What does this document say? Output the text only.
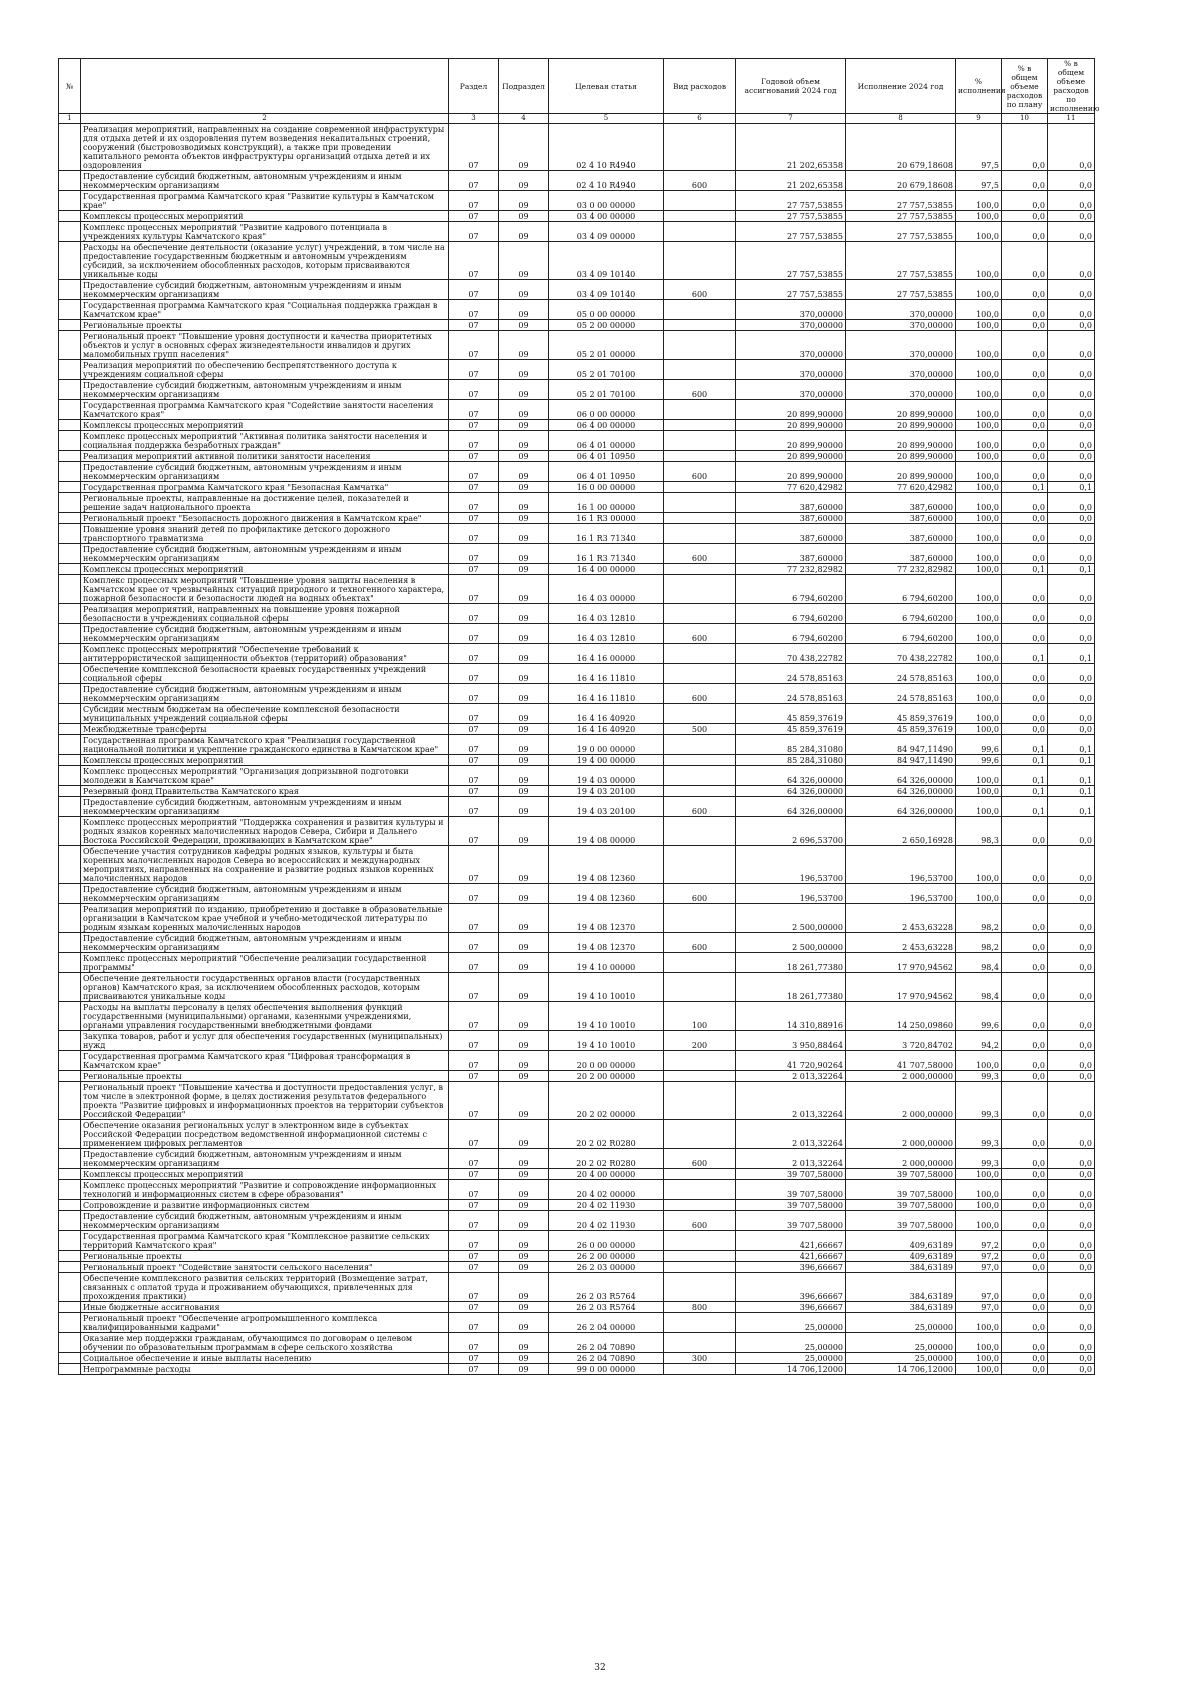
№		Раздел	Подраздел	Целевая статья	Вид расходов	Годовой объем ассигнований 2024 год	Исполнение 2024 год	% исполнения	% в общем объеме расходов по плану	% в общем объеме расходов по исполнению
1	2	3	4	5	6	7	8	9	10	11
	Реализация мероприятий, направленных на создание современной инфраструктуры для отдыха детей и их оздоровления путем возведения некапитальных строений, сооружений (быстровозводимых конструкций), а также при проведении капитального ремонта объектов инфраструктуры организаций отдыха детей и их оздоровления	07	09	02 4 10 R4940		21 202,65358	20 679,18608	97,5	0,0	0,0
	Предоставление субсидий бюджетным, автономным учреждениям и иным некоммерческим организациям	07	09	02 4 10 R4940	600	21 202,65358	20 679,18608	97,5	0,0	0,0
	Государственная программа Камчатского края "Развитие культуры в Камчатском крае"	07	09	03 0 00 00000		27 757,53855	27 757,53855	100,0	0,0	0,0
	Комплексы процессных мероприятий	07	09	03 4 00 00000		27 757,53855	27 757,53855	100,0	0,0	0,0
	Комплекс процессных мероприятий "Развитие кадрового потенциала в учреждениях культуры Камчатского края"	07	09	03 4 09 00000		27 757,53855	27 757,53855	100,0	0,0	0,0
	Расходы на обеспечение деятельности (оказание услуг) учреждений, в том числе на предоставление государственным бюджетным и автономным учреждениям субсидий, за исключением обособленных расходов, которым присваиваются уникальные коды	07	09	03 4 09 10140		27 757,53855	27 757,53855	100,0	0,0	0,0
	Предоставление субсидий бюджетным, автономным учреждениям и иным некоммерческим организациям	07	09	03 4 09 10140	600	27 757,53855	27 757,53855	100,0	0,0	0,0
	Государственная программа Камчатского края "Социальная поддержка граждан в Камчатском крае"	07	09	05 0 00 00000		370,00000	370,00000	100,0	0,0	0,0
	Региональные проекты	07	09	05 2 00 00000		370,00000	370,00000	100,0	0,0	0,0
	Региональный проект "Повышение уровня доступности и качества приоритетных объектов и услуг в основных сферах жизнедеятельности инвалидов и других маломобильных групп населения"	07	09	05 2 01 00000		370,00000	370,00000	100,0	0,0	0,0
	Реализация мероприятий по обеспечению беспрепятственного доступа к учреждениям социальной сферы	07	09	05 2 01 70100		370,00000	370,00000	100,0	0,0	0,0
	Предоставление субсидий бюджетным, автономным учреждениям и иным некоммерческим организациям	07	09	05 2 01 70100	600	370,00000	370,00000	100,0	0,0	0,0
	Государственная программа Камчатского края "Содействие занятости населения Камчатского края"	07	09	06 0 00 00000		20 899,90000	20 899,90000	100,0	0,0	0,0
	Комплексы процессных мероприятий	07	09	06 4 00 00000		20 899,90000	20 899,90000	100,0	0,0	0,0
	Комплекс процессных мероприятий "Активная политика занятости населения и социальная поддержка безработных граждан"	07	09	06 4 01 00000		20 899,90000	20 899,90000	100,0	0,0	0,0
	Реализация мероприятий активной политики занятости населения	07	09	06 4 01 10950		20 899,90000	20 899,90000	100,0	0,0	0,0
	Предоставление субсидий бюджетным, автономным учреждениям и иным некоммерческим организациям	07	09	06 4 01 10950	600	20 899,90000	20 899,90000	100,0	0,0	0,0
	Государственная программа Камчатского края "Безопасная Камчатка"	07	09	16 0 00 00000		77 620,42982	77 620,42982	100,0	0,1	0,1
	Региональные проекты, направленные на достижение целей, показателей и решение задач национального проекта	07	09	16 1 00 00000		387,60000	387,60000	100,0	0,0	0,0
	Региональный проект "Безопасность дорожного движения в Камчатском крае"	07	09	16 1 R3 00000		387,60000	387,60000	100,0	0,0	0,0
	Повышение уровня знаний детей по профилактике детского дорожного транспортного травматизма	07	09	16 1 R3 71340		387,60000	387,60000	100,0	0,0	0,0
	Предоставление субсидий бюджетным, автономным учреждениям и иным некоммерческим организациям	07	09	16 1 R3 71340	600	387,60000	387,60000	100,0	0,0	0,0
	Комплексы процессных мероприятий	07	09	16 4 00 00000		77 232,82982	77 232,82982	100,0	0,1	0,1
	Комплекс процессных мероприятий "Повышение уровня защиты населения в Камчатском крае от чрезвычайных ситуаций природного и техногенного характера, пожарной безопасности и безопасности людей на водных объектах"	07	09	16 4 03 00000		6 794,60200	6 794,60200	100,0	0,0	0,0
	Реализация мероприятий, направленных на повышение уровня пожарной безопасности в учреждениях социальной сферы	07	09	16 4 03 12810		6 794,60200	6 794,60200	100,0	0,0	0,0
	Предоставление субсидий бюджетным, автономным учреждениям и иным некоммерческим организациям	07	09	16 4 03 12810	600	6 794,60200	6 794,60200	100,0	0,0	0,0
	Комплекс процессных мероприятий "Обеспечение требований к антитеррористической защищенности объектов (территорий) образования"	07	09	16 4 16 00000		70 438,22782	70 438,22782	100,0	0,1	0,1
	Обеспечение комплексной безопасности краевых государственных учреждений социальной сферы	07	09	16 4 16 11810		24 578,85163	24 578,85163	100,0	0,0	0,0
	Предоставление субсидий бюджетным, автономным учреждениям и иным некоммерческим организациям	07	09	16 4 16 11810	600	24 578,85163	24 578,85163	100,0	0,0	0,0
	Субсидии местным бюджетам на обеспечение комплексной безопасности муниципальных учреждений социальной сферы	07	09	16 4 16 40920		45 859,37619	45 859,37619	100,0	0,0	0,0
	Межбюджетные трансферты	07	09	16 4 16 40920	500	45 859,37619	45 859,37619	100,0	0,0	0,0
	Государственная программа Камчатского края "Реализация государственной национальной политики и укрепление гражданского единства в Камчатском крае"	07	09	19 0 00 00000		85 284,31080	84 947,11490	99,6	0,1	0,1
	Комплексы процессных мероприятий	07	09	19 4 00 00000		85 284,31080	84 947,11490	99,6	0,1	0,1
	Комплекс процессных мероприятий "Организация допризывной подготовки молодежи в Камчатском крае"	07	09	19 4 03 00000		64 326,00000	64 326,00000	100,0	0,1	0,1
	Резервный фонд Правительства Камчатского края	07	09	19 4 03 20100		64 326,00000	64 326,00000	100,0	0,1	0,1
	Предоставление субсидий бюджетным, автономным учреждениям и иным некоммерческим организациям	07	09	19 4 03 20100	600	64 326,00000	64 326,00000	100,0	0,1	0,1
	Комплекс процессных мероприятий "Поддержка сохранения и развития культуры и родных языков коренных малочисленных народов Севера, Сибири и Дальнего Востока Российской Федерации, проживающих в Камчатском крае"	07	09	19 4 08 00000		2 696,53700	2 650,16928	98,3	0,0	0,0
	Обеспечение участия сотрудников кафедры родных языков, культуры и быта коренных малочисленных народов Севера во всероссийских и международных мероприятиях, направленных на сохранение и развитие родных языков коренных малочисленных народов	07	09	19 4 08 12360		196,53700	196,53700	100,0	0,0	0,0
	Предоставление субсидий бюджетным, автономным учреждениям и иным некоммерческим организациям	07	09	19 4 08 12360	600	196,53700	196,53700	100,0	0,0	0,0
	Реализация мероприятий по изданию, приобретению и доставке в образовательные организации в Камчатском крае учебной и учебно-методической литературы по родным языкам коренных малочисленных народов	07	09	19 4 08 12370		2 500,00000	2 453,63228	98,2	0,0	0,0
	Предоставление субсидий бюджетным, автономным учреждениям и иным некоммерческим организациям	07	09	19 4 08 12370	600	2 500,00000	2 453,63228	98,2	0,0	0,0
	Комплекс процессных мероприятий "Обеспечение реализации государственной программы"	07	09	19 4 10 00000		18 261,77380	17 970,94562	98,4	0,0	0,0
	Обеспечение деятельности государственных органов власти (государственных органов) Камчатского края, за исключением обособленных расходов, которым присваиваются уникальные коды	07	09	19 4 10 10010		18 261,77380	17 970,94562	98,4	0,0	0,0
	Расходы на выплаты персоналу в целях обеспечения выполнения функций государственными (муниципальными) органами, казенными учреждениями, органами управления государственными внебюджетными фондами	07	09	19 4 10 10010	100	14 310,88916	14 250,09860	99,6	0,0	0,0
	Закупка товаров, работ и услуг для обеспечения государственных (муниципальных) нужд	07	09	19 4 10 10010	200	3 950,88464	3 720,84702	94,2	0,0	0,0
	Государственная программа Камчатского края "Цифровая трансформация в Камчатском крае"	07	09	20 0 00 00000		41 720,90264	41 707,58000	100,0	0,0	0,0
	Региональные проекты	07	09	20 2 00 00000		2 013,32264	2 000,00000	99,3	0,0	0,0
	Региональный проект "Повышение качества и доступности предоставления услуг, в том числе в электронной форме, в целях достижения результатов федерального проекта "Развитие цифровых и информационных проектов на территории субъектов Российской Федерации"	07	09	20 2 02 00000		2 013,32264	2 000,00000	99,3	0,0	0,0
	Обеспечение оказания региональных услуг в электронном виде в субъектах Российской Федерации посредством ведомственной информационной системы с применением цифровых регламентов	07	09	20 2 02 R0280		2 013,32264	2 000,00000	99,3	0,0	0,0
	Предоставление субсидий бюджетным, автономным учреждениям и иным некоммерческим организациям	07	09	20 2 02 R0280	600	2 013,32264	2 000,00000	99,3	0,0	0,0
	Комплексы процессных мероприятий	07	09	20 4 00 00000		39 707,58000	39 707,58000	100,0	0,0	0,0
	Комплекс процессных мероприятий "Развитие и сопровождение информационных технологий и информационных систем в сфере образования"	07	09	20 4 02 00000		39 707,58000	39 707,58000	100,0	0,0	0,0
	Сопровождение и развитие информационных систем	07	09	20 4 02 11930		39 707,58000	39 707,58000	100,0	0,0	0,0
	Предоставление субсидий бюджетным, автономным учреждениям и иным некоммерческим организациям	07	09	20 4 02 11930	600	39 707,58000	39 707,58000	100,0	0,0	0,0
	Государственная программа Камчатского края "Комплексное развитие сельских территорий Камчатского края"	07	09	26 0 00 00000		421,66667	409,63189	97,2	0,0	0,0
	Региональные проекты	07	09	26 2 00 00000		421,66667	409,63189	97,2	0,0	0,0
	Региональный проект "Содействие занятости сельского населения"	07	09	26 2 03 00000		396,66667	384,63189	97,0	0,0	0,0
	Обеспечение комплексного развития сельских территорий (Возмещение затрат, связанных с оплатой труда и проживанием обучающихся, привлеченных для прохождения практики)	07	09	26 2 03 R5764		396,66667	384,63189	97,0	0,0	0,0
	Иные бюджетные ассигнования	07	09	26 2 03 R5764	800	396,66667	384,63189	97,0	0,0	0,0
	Региональный проект "Обеспечение агропромышленного комплекса квалифицированными кадрами"	07	09	26 2 04 00000		25,00000	25,00000	100,0	0,0	0,0
	Оказание мер поддержки гражданам, обучающимся по договорам о целевом обучении по образовательным программам в сфере сельского хозяйства	07	09	26 2 04 70890		25,00000	25,00000	100,0	0,0	0,0
	Социальное обеспечение и иные выплаты населению	07	09	26 2 04 70890	300	25,00000	25,00000	100,0	0,0	0,0
	Непрограммные расходы	07	09	99 0 00 00000		14 706,12000	14 706,12000	100,0	0,0	0,0
32
